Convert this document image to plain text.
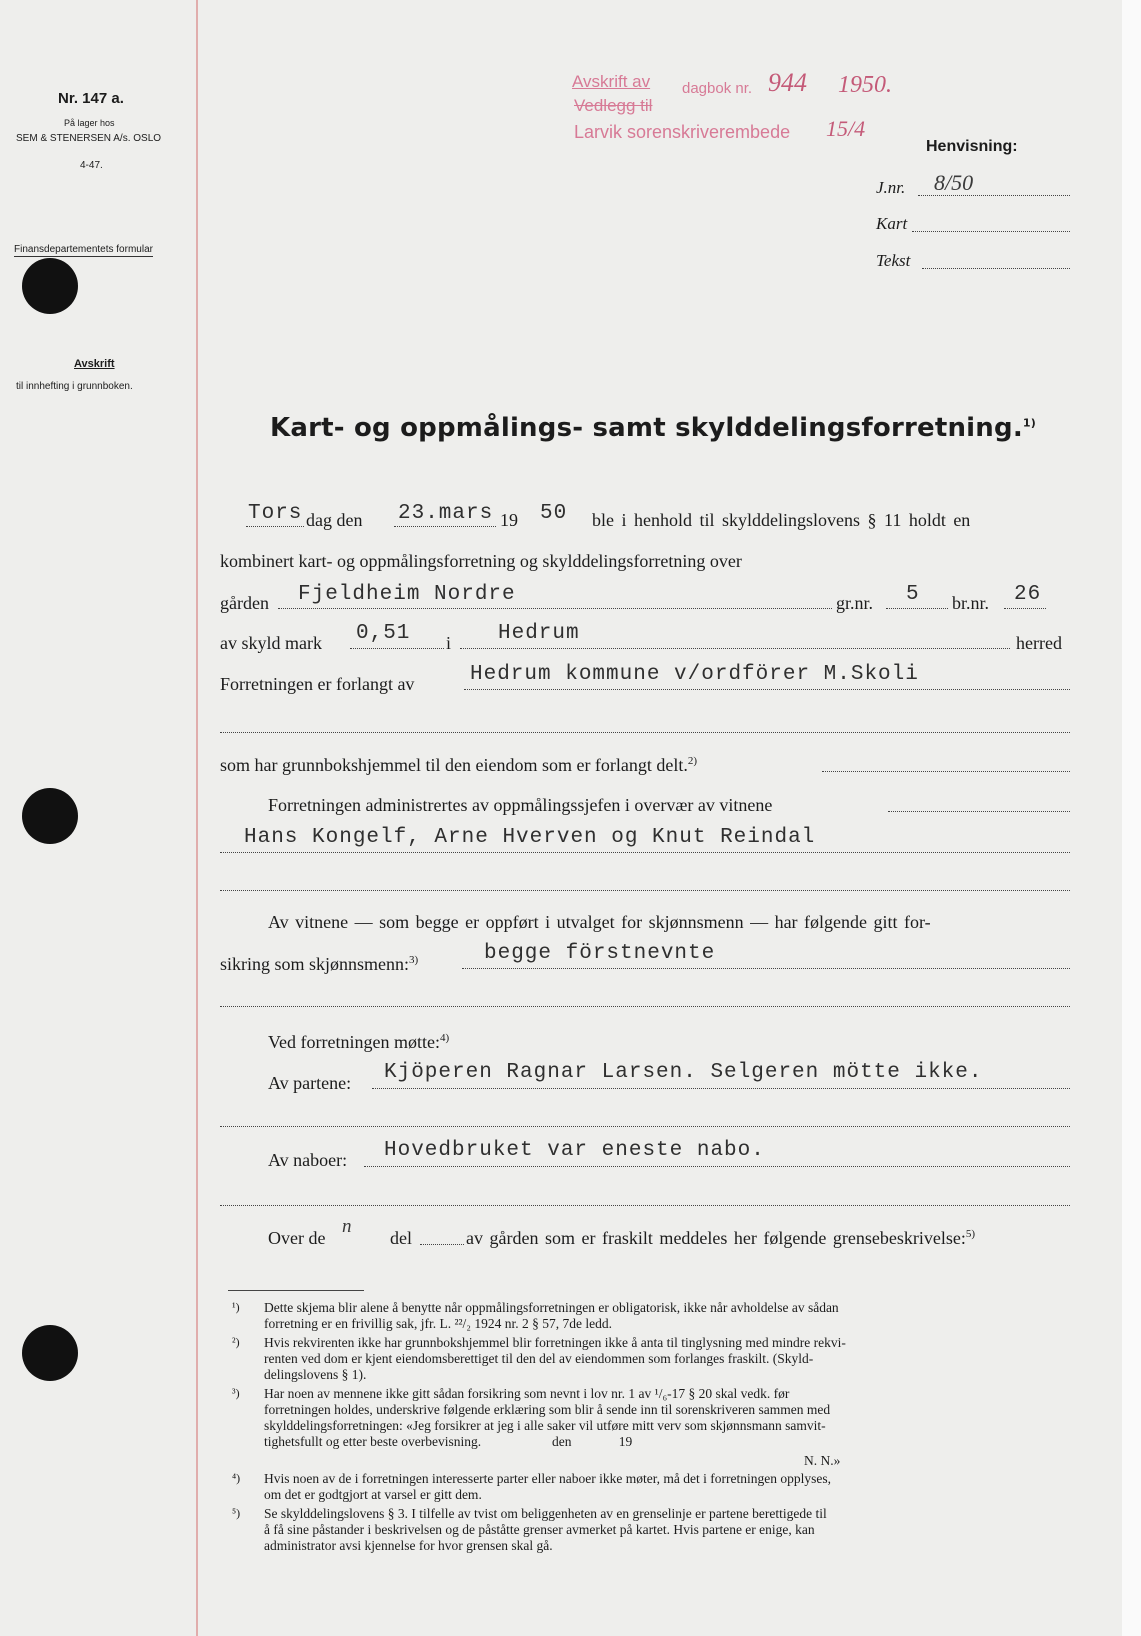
Nr. 147 a.
På lager hos
SEM & STENERSEN A/s. OSLO
4-47.
Finansdepartementets formular
Avskrift
til innhefting i grunnboken.
Avskrift av dagbok nr. 944 1950.
Vedlegg til
Larvik sorenskriverembede 15/4
Henvisning:
J.nr. 8/50
Kart
Tekst
Kart- og oppmålings- samt skylddelingsforretning.$^{1)}$
Tors dag den 23.mars 19 50 ble i henhold til skylddelingslovens § 11 holdt en
kombinert kart- og oppmålingsforretning og skylddelingsforretning over
gården Fjeldheim Nordre	gr.nr. 5 br.nr. 26
av skyld mark 0,51 i Hedrum	herred
Forretningen er forlangt av	Hedrum kommune v/ordförer M.Skoli
som har grunnbokshjemmel til den eiendom som er forlangt delt.$^{2)}$
Forretningen administrertes av oppmålingssjefen i overvær av vitnene
Hans Kongelf, Arne Hverven og Knut Reindal
Av vitnene — som begge er oppført i utvalget for skjønnsmenn — har følgende gitt for-
sikring som skjønnsmenn:$^{3)}$	begge förstnevnte
Ved forretningen møtte:$^{4)}$
Av partene: Kjöperen Ragnar Larsen. Selgeren mötte ikke.
Av naboer: Hovedbruket var eneste nabo.
Over de
n
del	av gården som er fraskilt meddeles her følgende grensebeskrivelse:$^{5)}$
¹) Dette skjema blir alene å benytte når oppmålingsforretningen er obligatorisk, ikke når avholdelse av sådan
forretning er en frivillig sak, jfr. L. ²²/₂ 1924 nr. 2 § 57, 7de ledd.
²) Hvis rekvirenten ikke har grunnbokshjemmel blir forretningen ikke å anta til tinglysning med mindre rekvi-
renten ved dom er kjent eiendomsberettiget til den del av eiendommen som forlanges fraskilt. (Skyld-
delingslovens § 1).
³) Har noen av mennene ikke gitt sådan forsikring som nevnt i lov nr. 1 av ¹/₆-17 § 20 skal vedk. før
forretningen holdes, underskrive følgende erklæring som blir å sende inn til sorenskriveren sammen med
skylddelingsforretningen: «Jeg forsikrer at jeg i alle saker vil utføre mitt verv som skjønnsmann samvit-
tighetsfullt og etter beste overbevisning.                     den              19
N. N.»
⁴) Hvis noen av de i forretningen interesserte parter eller naboer ikke møter, må det i forretningen opplyses,
om det er godtgjort at varsel er gitt dem.
⁵) Se skylddelingslovens § 3. I tilfelle av tvist om beliggenheten av en grenselinje er partene berettigede til
å få sine påstander i beskrivelsen og de påståtte grenser avmerket på kartet. Hvis partene er enige, kan
administrator avsi kjennelse for hvor grensen skal gå.
